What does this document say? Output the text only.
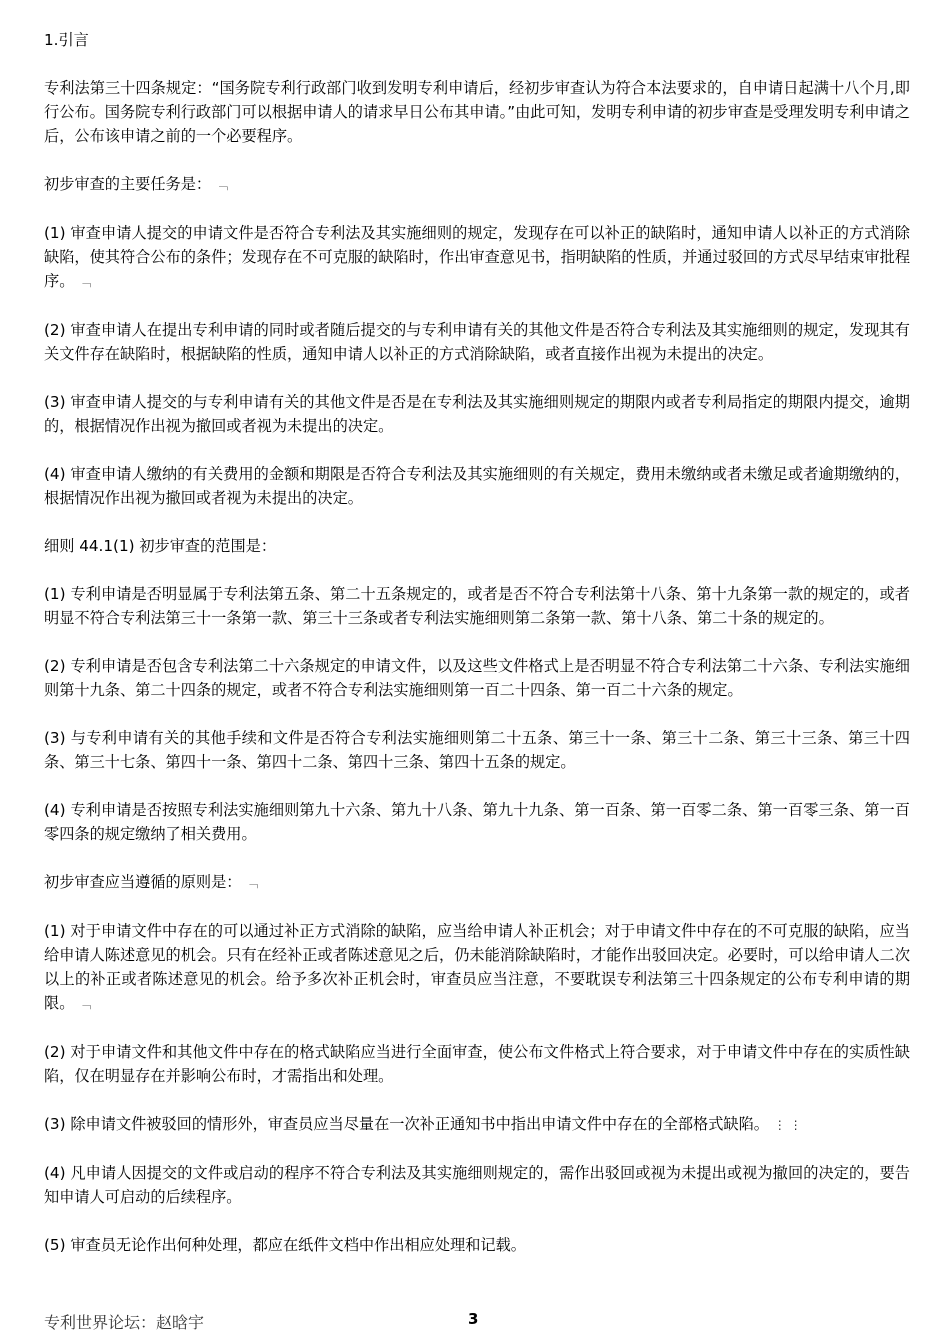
1.引言

专利法第三十四条规定：“国务院专利行政部门收到发明专利申请后，经初步审查认为符合本法要求的，自申请日起满十八个月,即行公布。国务院专利行政部门可以根据申请人的请求早日公布其申请。”由此可知，发明专利申请的初步审查是受理发明专利申请之后，公布该申请之前的一个必要程序。

初步审查的主要任务是： ﹁

(1) 审查申请人提交的申请文件是否符合专利法及其实施细则的规定，发现存在可以补正的缺陷时，通知申请人以补正的方式消除缺陷，使其符合公布的条件；发现存在不可克服的缺陷时，作出审查意见书，指明缺陷的性质，并通过驳回的方式尽早结束审批程序。 ﹁

(2) 审查申请人在提出专利申请的同时或者随后提交的与专利申请有关的其他文件是否符合专利法及其实施细则的规定，发现其有关文件存在缺陷时，根据缺陷的性质，通知申请人以补正的方式消除缺陷，或者直接作出视为未提出的决定。

(3) 审查申请人提交的与专利申请有关的其他文件是否是在专利法及其实施细则规定的期限内或者专利局指定的期限内提交，逾期的，根据情况作出视为撤回或者视为未提出的决定。

(4) 审查申请人缴纳的有关费用的金额和期限是否符合专利法及其实施细则的有关规定，费用未缴纳或者未缴足或者逾期缴纳的，根据情况作出视为撤回或者视为未提出的决定。

细则 44.1(1) 初步审查的范围是：

(1) 专利申请是否明显属于专利法第五条、第二十五条规定的，或者是否不符合专利法第十八条、第十九条第一款的规定的，或者明显不符合专利法第三十一条第一款、第三十三条或者专利法实施细则第二条第一款、第十八条、第二十条的规定的。

(2) 专利申请是否包含专利法第二十六条规定的申请文件，以及这些文件格式上是否明显不符合专利法第二十六条、专利法实施细则第十九条、第二十四条的规定，或者不符合专利法实施细则第一百二十四条、第一百二十六条的规定。

(3) 与专利申请有关的其他手续和文件是否符合专利法实施细则第二十五条、第三十一条、第三十二条、第三十三条、第三十四条、第三十七条、第四十一条、第四十二条、第四十三条、第四十五条的规定。

(4) 专利申请是否按照专利法实施细则第九十六条、第九十八条、第九十九条、第一百条、第一百零二条、第一百零三条、第一百零四条的规定缴纳了相关费用。

初步审查应当遵循的原则是： ﹁

(1) 对于申请文件中存在的可以通过补正方式消除的缺陷，应当给申请人补正机会；对于申请文件中存在的不可克服的缺陷，应当给申请人陈述意见的机会。只有在经补正或者陈述意见之后，仍未能消除缺陷时，才能作出驳回决定。必要时，可以给申请人二次以上的补正或者陈述意见的机会。给予多次补正机会时，审查员应当注意，不要耽误专利法第三十四条规定的公布专利申请的期限。 ﹁

(2) 对于申请文件和其他文件中存在的格式缺陷应当进行全面审查，使公布文件格式上符合要求，对于申请文件中存在的实质性缺陷，仅在明显存在并影响公布时，才需指出和处理。

(3) 除申请文件被驳回的情形外，审查员应当尽量在一次补正通知书中指出申请文件中存在的全部格式缺陷。 ⋮ ⋮

(4) 凡申请人因提交的文件或启动的程序不符合专利法及其实施细则规定的，需作出驳回或视为未提出或视为撤回的决定的，要告知申请人可启动的后续程序。

(5) 审查员无论作出何种处理，都应在纸件文档中作出相应处理和记载。

专利世界论坛：赵晗宇	3
